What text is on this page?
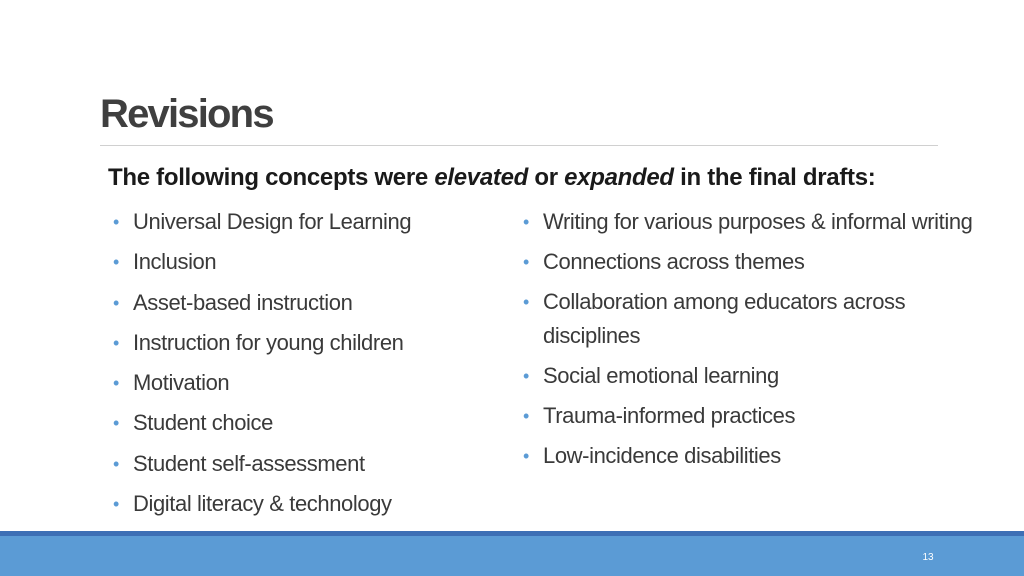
Revisions
The following concepts were elevated or expanded in the final drafts:
• Universal Design for Learning
• Inclusion
• Asset-based instruction
• Instruction for young children
• Motivation
• Student choice
• Student self-assessment
• Digital literacy & technology
• Writing for various purposes & informal writing
• Connections across themes
• Collaboration among educators across disciplines
• Social emotional learning
• Trauma-informed practices
• Low-incidence disabilities
13
